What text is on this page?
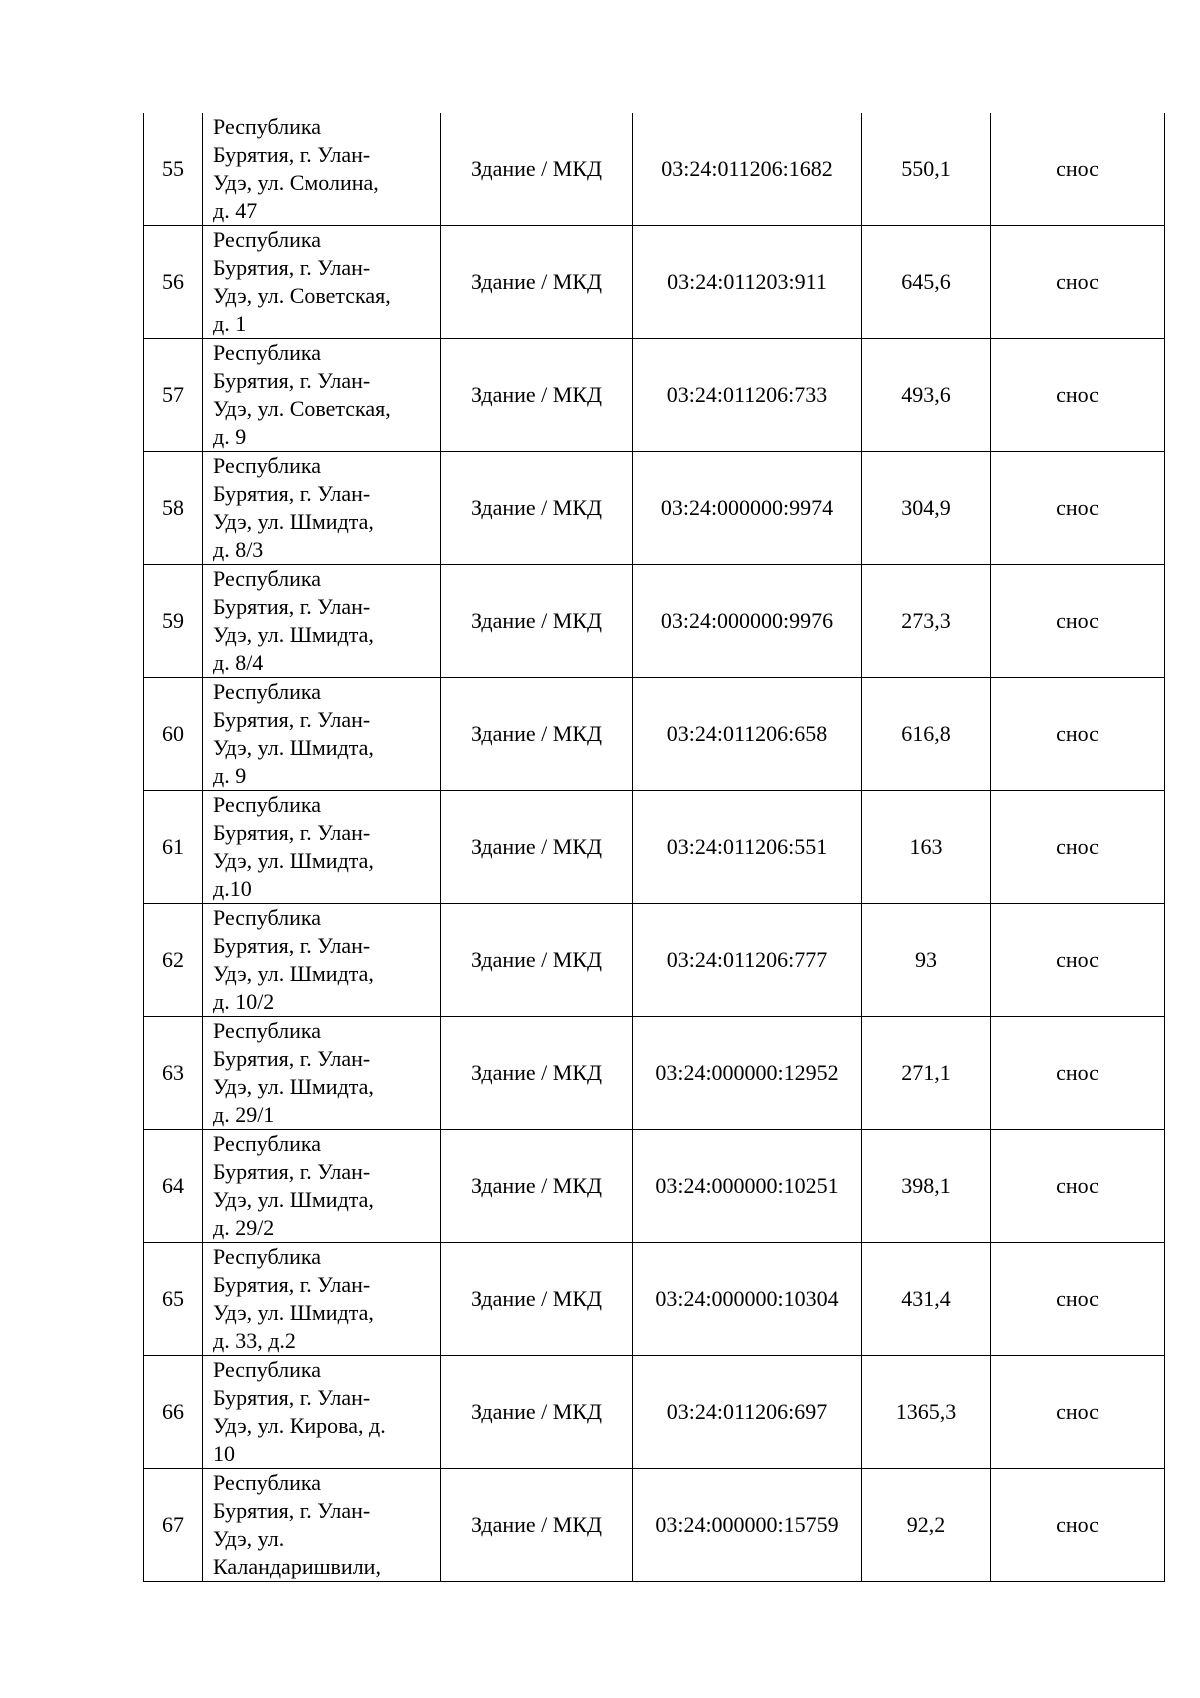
55	Республика
Бурятия, г. Улан-
Удэ, ул. Смолина,
д. 47	Здание / МКД	03:24:011206:1682	550,1	снос
56	Республика
Бурятия, г. Улан-
Удэ, ул. Советская,
д. 1	Здание / МКД	03:24:011203:911	645,6	снос
57	Республика
Бурятия, г. Улан-
Удэ, ул. Советская,
д. 9	Здание / МКД	03:24:011206:733	493,6	снос
58	Республика
Бурятия, г. Улан-
Удэ, ул. Шмидта,
д. 8/3	Здание / МКД	03:24:000000:9974	304,9	снос
59	Республика
Бурятия, г. Улан-
Удэ, ул. Шмидта,
д. 8/4	Здание / МКД	03:24:000000:9976	273,3	снос
60	Республика
Бурятия, г. Улан-
Удэ, ул. Шмидта,
д. 9	Здание / МКД	03:24:011206:658	616,8	снос
61	Республика
Бурятия, г. Улан-
Удэ, ул. Шмидта,
д.10	Здание / МКД	03:24:011206:551	163	снос
62	Республика
Бурятия, г. Улан-
Удэ, ул. Шмидта,
д. 10/2	Здание / МКД	03:24:011206:777	93	снос
63	Республика
Бурятия, г. Улан-
Удэ, ул. Шмидта,
д. 29/1	Здание / МКД	03:24:000000:12952	271,1	снос
64	Республика
Бурятия, г. Улан-
Удэ, ул. Шмидта,
д. 29/2	Здание / МКД	03:24:000000:10251	398,1	снос
65	Республика
Бурятия, г. Улан-
Удэ, ул. Шмидта,
д. 33, д.2	Здание / МКД	03:24:000000:10304	431,4	снос
66	Республика
Бурятия, г. Улан-
Удэ, ул. Кирова, д.
10	Здание / МКД	03:24:011206:697	1365,3	снос
67	Республика
Бурятия, г. Улан-
Удэ, ул.
Каландаришвили,	Здание / МКД	03:24:000000:15759	92,2	снос
